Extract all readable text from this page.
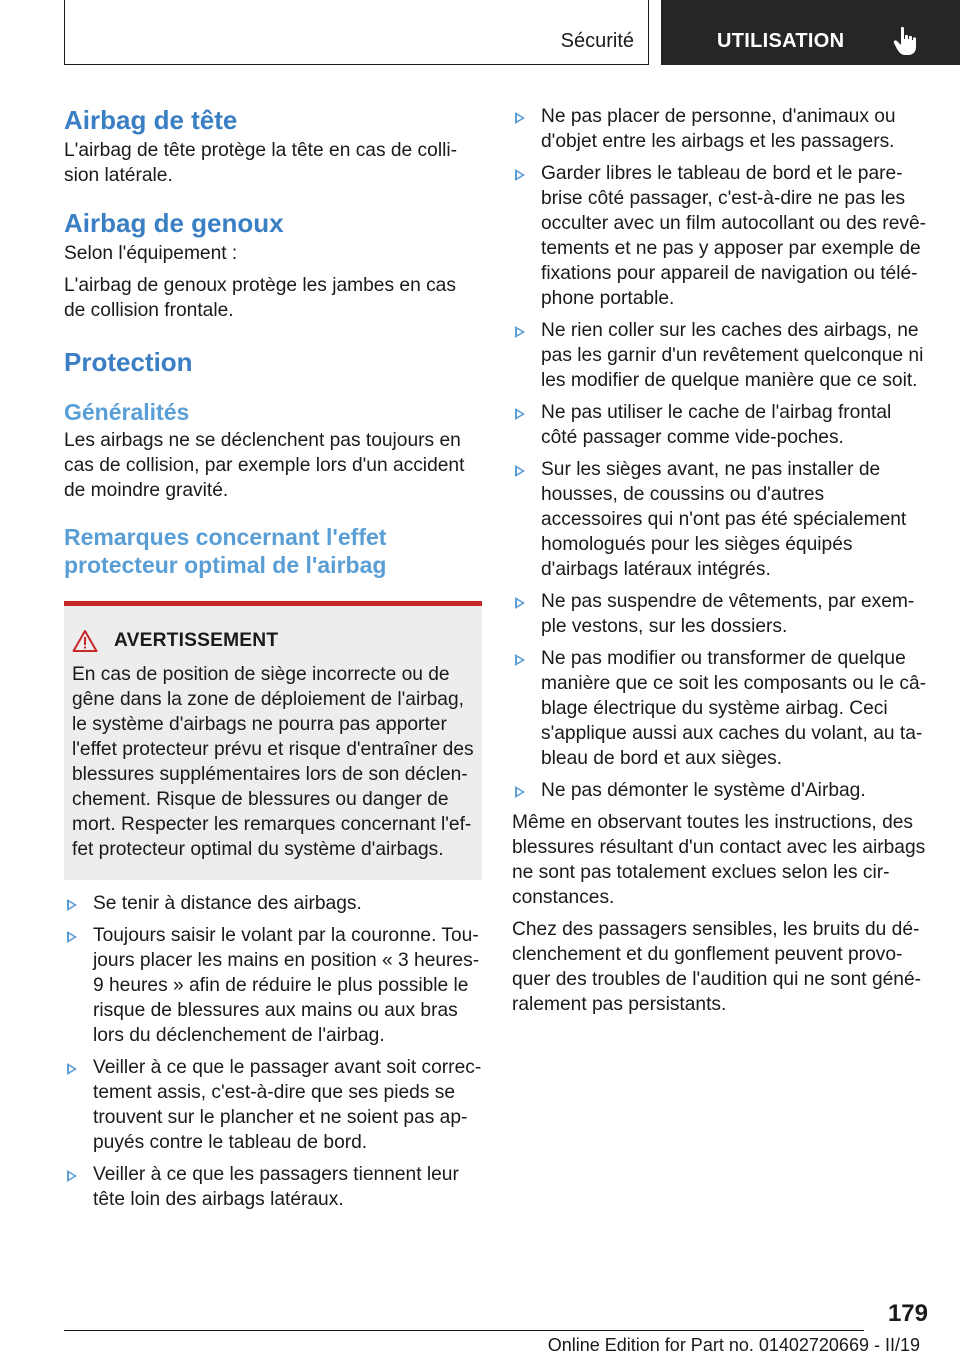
Sécurité	UTILISATION
Airbag de tête

L'airbag de tête protège la tête en cas de collision latérale.

Airbag de genoux

Selon l'équipement :

L'airbag de genoux protège les jambes en cas de collision frontale.

Protection
Généralités

Les airbags ne se déclenchent pas toujours en cas de collision, par exemple lors d'un accident de moindre gravité.

Remarques concernant l'effet protecteur optimal de l'airbag
AVERTISSEMENT

En cas de position de siège incorrecte ou de gêne dans la zone de déploiement de l'airbag, le système d'airbags ne pourra pas apporter l'effet protecteur prévu et risque d'entraîner des blessures supplémentaires lors de son déclenchement. Risque de blessures ou danger de mort. Respecter les remarques concernant l'effet protecteur optimal du système d'airbags.

Se tenir à distance des airbags.
Toujours saisir le volant par la couronne. Toujours placer les mains en position « 3 heures-9 heures » afin de réduire le plus possible le risque de blessures aux mains ou aux bras lors du déclenchement de l'airbag.
Veiller à ce que le passager avant soit correctement assis, c'est-à-dire que ses pieds se trouvent sur le plancher et ne soient pas appuyés contre le tableau de bord.
Veiller à ce que les passagers tiennent leur tête loin des airbags latéraux.
Ne pas placer de personne, d'animaux ou d'objet entre les airbags et les passagers.
Garder libres le tableau de bord et le pare-brise côté passager, c'est-à-dire ne pas les occulter avec un film autocollant ou des revêtements et ne pas y apposer par exemple de fixations pour appareil de navigation ou téléphone portable.
Ne rien coller sur les caches des airbags, ne pas les garnir d'un revêtement quelconque ni les modifier de quelque manière que ce soit.
Ne pas utiliser le cache de l'airbag frontal côté passager comme vide-poches.
Sur les sièges avant, ne pas installer de housses, de coussins ou d'autres accessoires qui n'ont pas été spécialement homologués pour les sièges équipés d'airbags latéraux intégrés.
Ne pas suspendre de vêtements, par exemple vestons, sur les dossiers.
Ne pas modifier ou transformer de quelque manière que ce soit les composants ou le câblage électrique du système airbag. Ceci s'applique aussi aux caches du volant, au tableau de bord et aux sièges.
Ne pas démonter le système d'Airbag.

Même en observant toutes les instructions, des blessures résultant d'un contact avec les airbags ne sont pas totalement exclues selon les circonstances.

Chez des passagers sensibles, les bruits du déclenchement et du gonflement peuvent provoquer des troubles de l'audition qui ne sont généralement pas persistants.

179
Online Edition for Part no. 01402720669 - II/19
